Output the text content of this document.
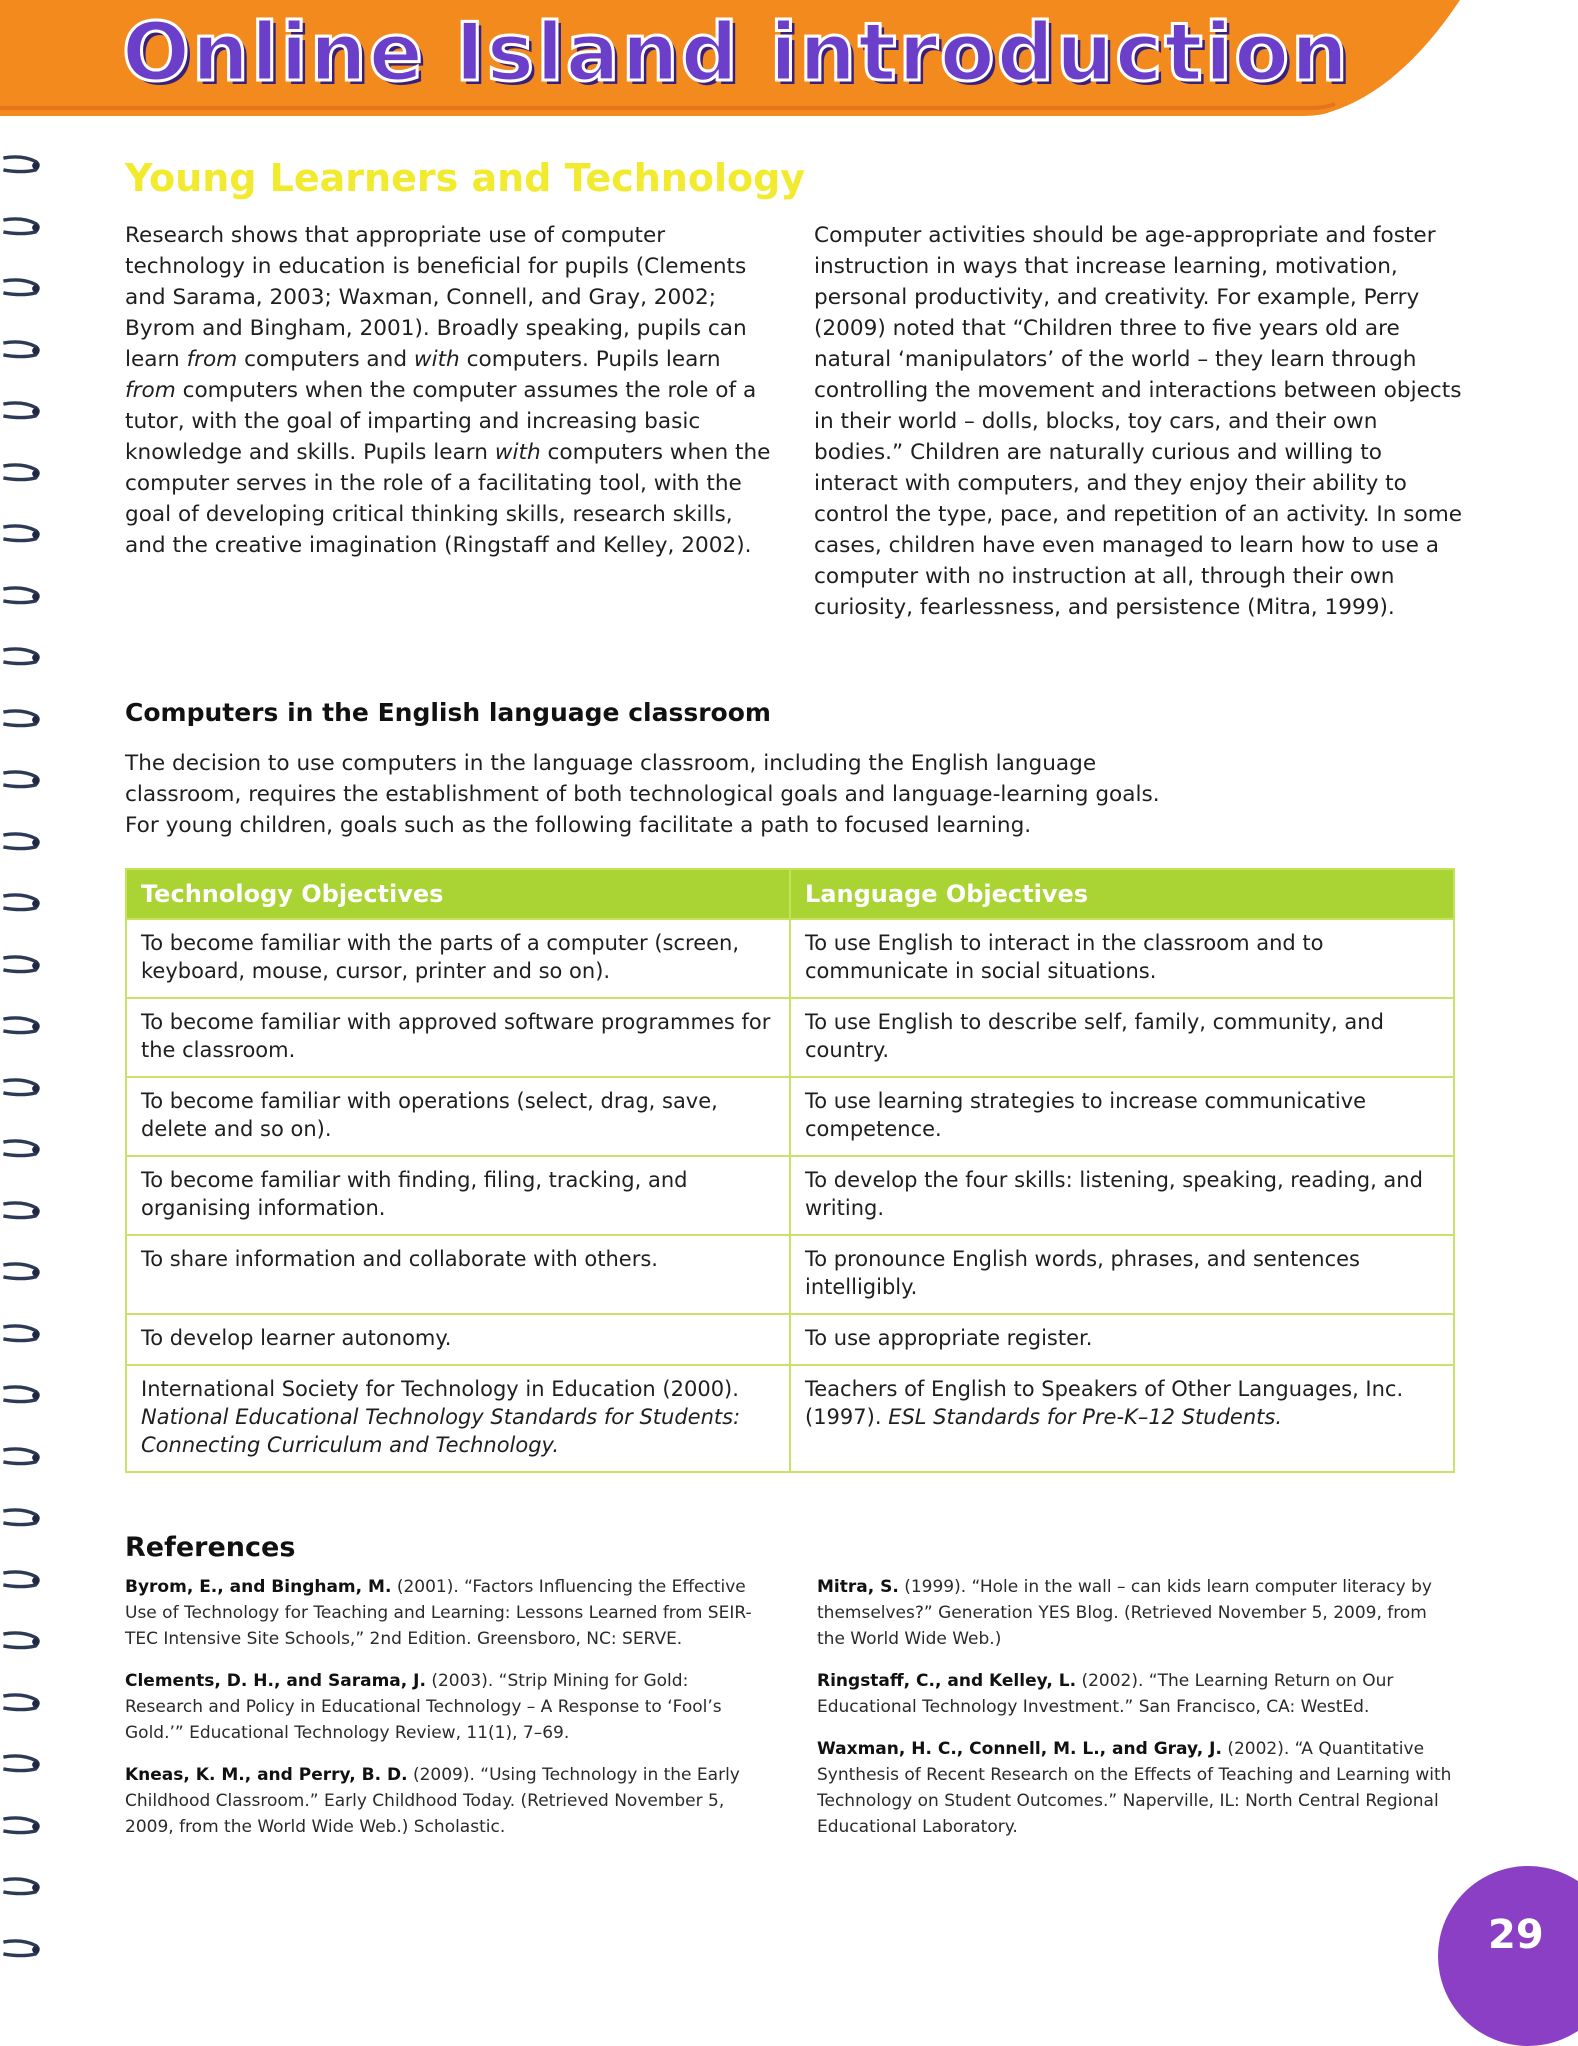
Online Island introduction
Young Learners and Technology

Research shows that appropriate use of computer technology in education is beneficial for pupils (Clements and Sarama, 2003; Waxman, Connell, and Gray, 2002; Byrom and Bingham, 2001). Broadly speaking, pupils can learn from computers and with computers. Pupils learn from computers when the computer assumes the role of a tutor, with the goal of imparting and increasing basic knowledge and skills. Pupils learn with computers when the computer serves in the role of a facilitating tool, with the goal of developing critical thinking skills, research skills, and the creative imagination (Ringstaff and Kelley, 2002).

Computer activities should be age-appropriate and foster instruction in ways that increase learning, motivation, personal productivity, and creativity. For example, Perry (2009) noted that “Children three to five years old are natural ‘manipulators’ of the world – they learn through controlling the movement and interactions between objects in their world – dolls, blocks, toy cars, and their own bodies.” Children are naturally curious and willing to interact with computers, and they enjoy their ability to control the type, pace, and repetition of an activity. In some cases, children have even managed to learn how to use a computer with no instruction at all, through their own curiosity, fearlessness, and persistence (Mitra, 1999).

Computers in the English language classroom

The decision to use computers in the language classroom, including the English language classroom, requires the establishment of both technological goals and language-learning goals. For young children, goals such as the following facilitate a path to focused learning.

Technology Objectives	Language Objectives
To become familiar with the parts of a computer (screen, keyboard, mouse, cursor, printer and so on).	To use English to interact in the classroom and to communicate in social situations.
To become familiar with approved software programmes for the classroom.	To use English to describe self, family, community, and country.
To become familiar with operations (select, drag, save, delete and so on).	To use learning strategies to increase communicative competence.
To become familiar with finding, filing, tracking, and organising information.	To develop the four skills: listening, speaking, reading, and writing.
To share information and collaborate with others.	To pronounce English words, phrases, and sentences intelligibly.
To develop learner autonomy.	To use appropriate register.
International Society for Technology in Education (2000). National Educational Technology Standards for Students: Connecting Curriculum and Technology.	Teachers of English to Speakers of Other Languages, Inc. (1997). ESL Standards for Pre-K–12 Students.
References

Byrom, E., and Bingham, M. (2001). “Factors Influencing the Effective Use of Technology for Teaching and Learning: Lessons Learned from SEIR-TEC Intensive Site Schools,” 2nd Edition. Greensboro, NC: SERVE.

Clements, D. H., and Sarama, J. (2003). “Strip Mining for Gold: Research and Policy in Educational Technology – A Response to ‘Fool’s Gold.’” Educational Technology Review, 11(1), 7–69.

Kneas, K. M., and Perry, B. D. (2009). “Using Technology in the Early Childhood Classroom.” Early Childhood Today. (Retrieved November 5, 2009, from the World Wide Web.) Scholastic.

Mitra, S. (1999). “Hole in the wall – can kids learn computer literacy by themselves?” Generation YES Blog. (Retrieved November 5, 2009, from the World Wide Web.)

Ringstaff, C., and Kelley, L. (2002). “The Learning Return on Our Educational Technology Investment.” San Francisco, CA: WestEd.

Waxman, H. C., Connell, M. L., and Gray, J. (2002). “A Quantitative Synthesis of Recent Research on the Effects of Teaching and Learning with Technology on Student Outcomes.” Naperville, IL: North Central Regional Educational Laboratory.

29
